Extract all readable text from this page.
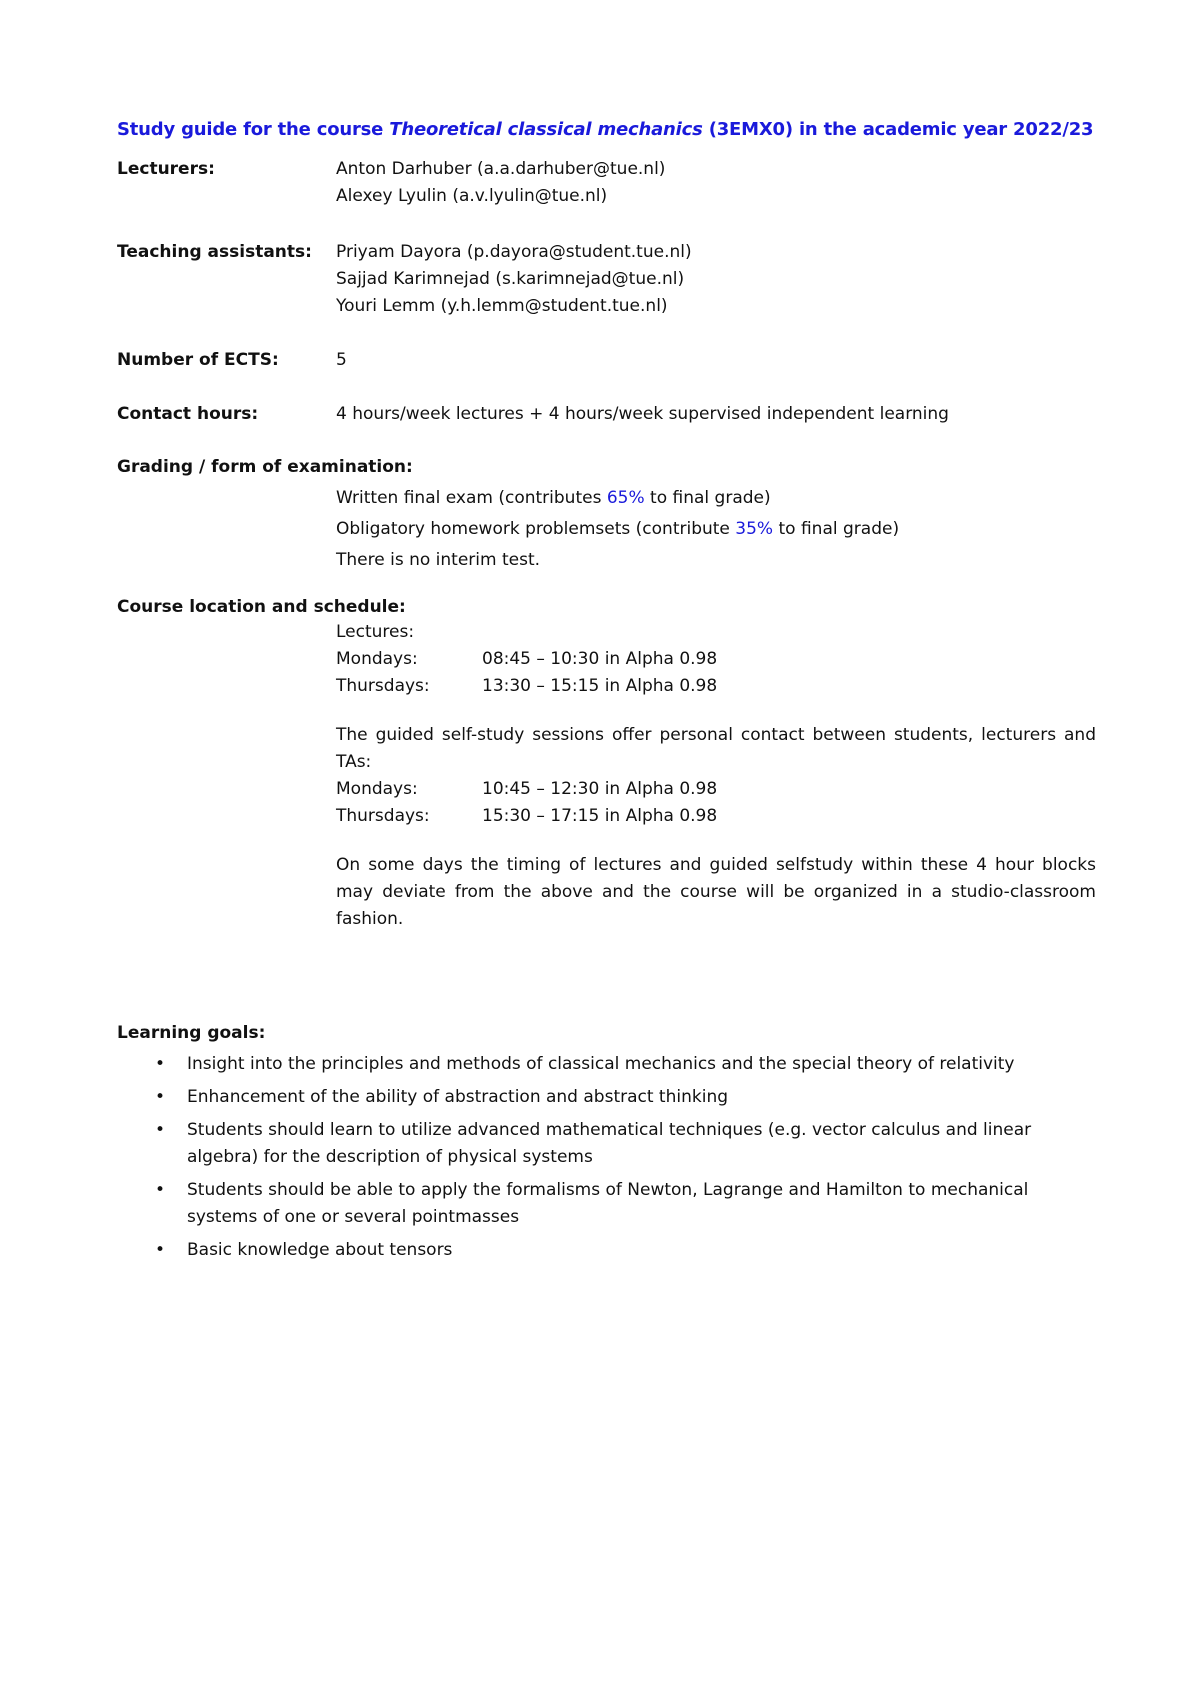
Study guide for the course Theoretical classical mechanics (3EMX0) in the academic year 2022/23
Lecturers:	Anton Darhuber (a.a.darhuber@tue.nl)
Alexey Lyulin (a.v.lyulin@tue.nl)
Teaching assistants: Priyam Dayora (p.dayora@student.tue.nl)
Sajjad Karimnejad (s.karimnejad@tue.nl)
Youri Lemm (y.h.lemm@student.tue.nl)
Number of ECTS:	5
Contact hours:	4 hours/week lectures + 4 hours/week supervised independent learning
Grading / form of examination:
Written final exam (contributes 65% to final grade)
Obligatory homework problemsets (contribute 35% to final grade)
There is no interim test.
Course location and schedule:
Lectures:
Mondays:	08:45 – 10:30 in Alpha 0.98
Thursdays:	13:30 – 15:15 in Alpha 0.98
The guided self-study sessions offer personal contact between students, lecturers and TAs:
Mondays:	10:45 – 12:30 in Alpha 0.98
Thursdays:	15:30 – 17:15 in Alpha 0.98
On some days the timing of lectures and guided selfstudy within these 4 hour blocks may deviate from the above and the course will be organized in a studio-classroom fashion.
Learning goals:
• Insight into the principles and methods of classical mechanics and the special theory of relativity
• Enhancement of the ability of abstraction and abstract thinking
• Students should learn to utilize advanced mathematical techniques (e.g. vector calculus and linear algebra) for the description of physical systems
• Students should be able to apply the formalisms of Newton, Lagrange and Hamilton to mechanical systems of one or several pointmasses
• Basic knowledge about tensors
